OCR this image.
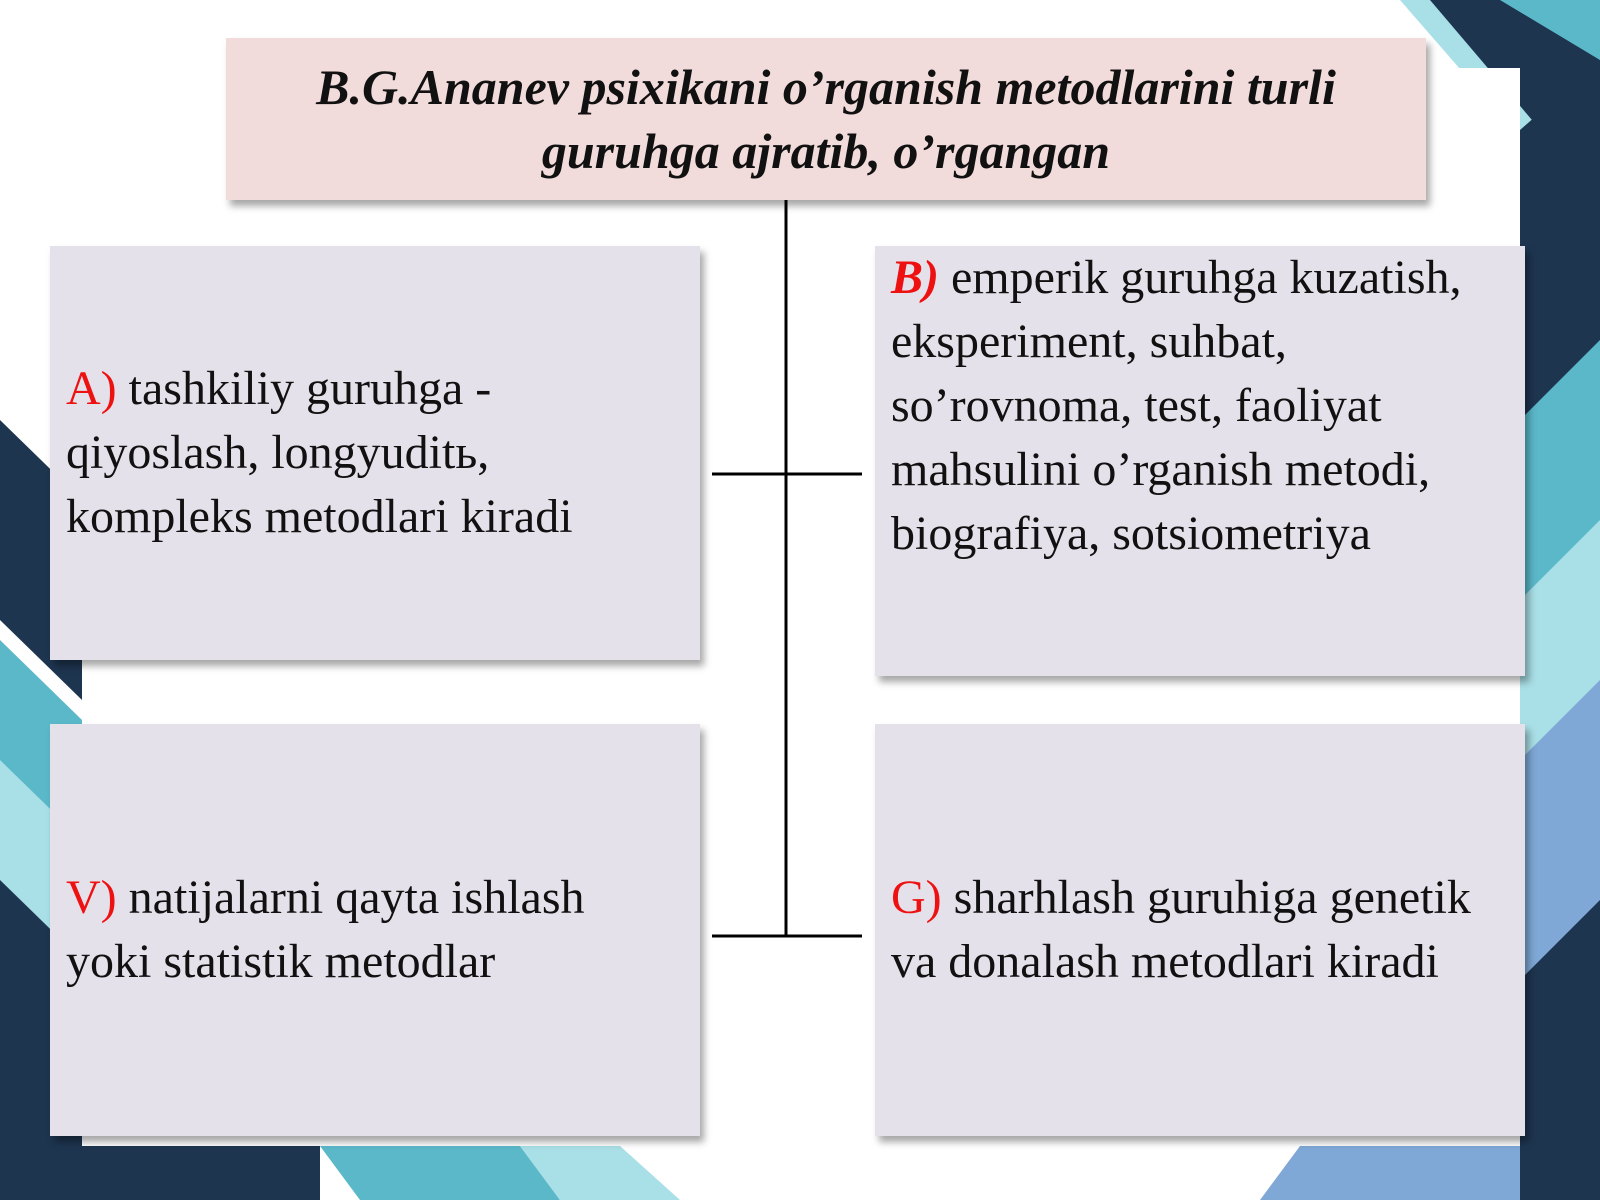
B.G.Ananev psixikani o’rganish metodlarini turli guruhga ajratib, o’rgangan

A) tashkiliy guruhga - qiyoslash, longyuditь, kompleks metodlari kiradi

B) emperik guruhga kuzatish, eksperiment, suhbat, so’rovnoma, test, faoliyat mahsulini o’rganish metodi, biografiya, sotsiometriya

V) natijalarni qayta ishlash yoki statistik metodlar

G) sharhlash guruhiga genetik va donalash metodlari kiradi
